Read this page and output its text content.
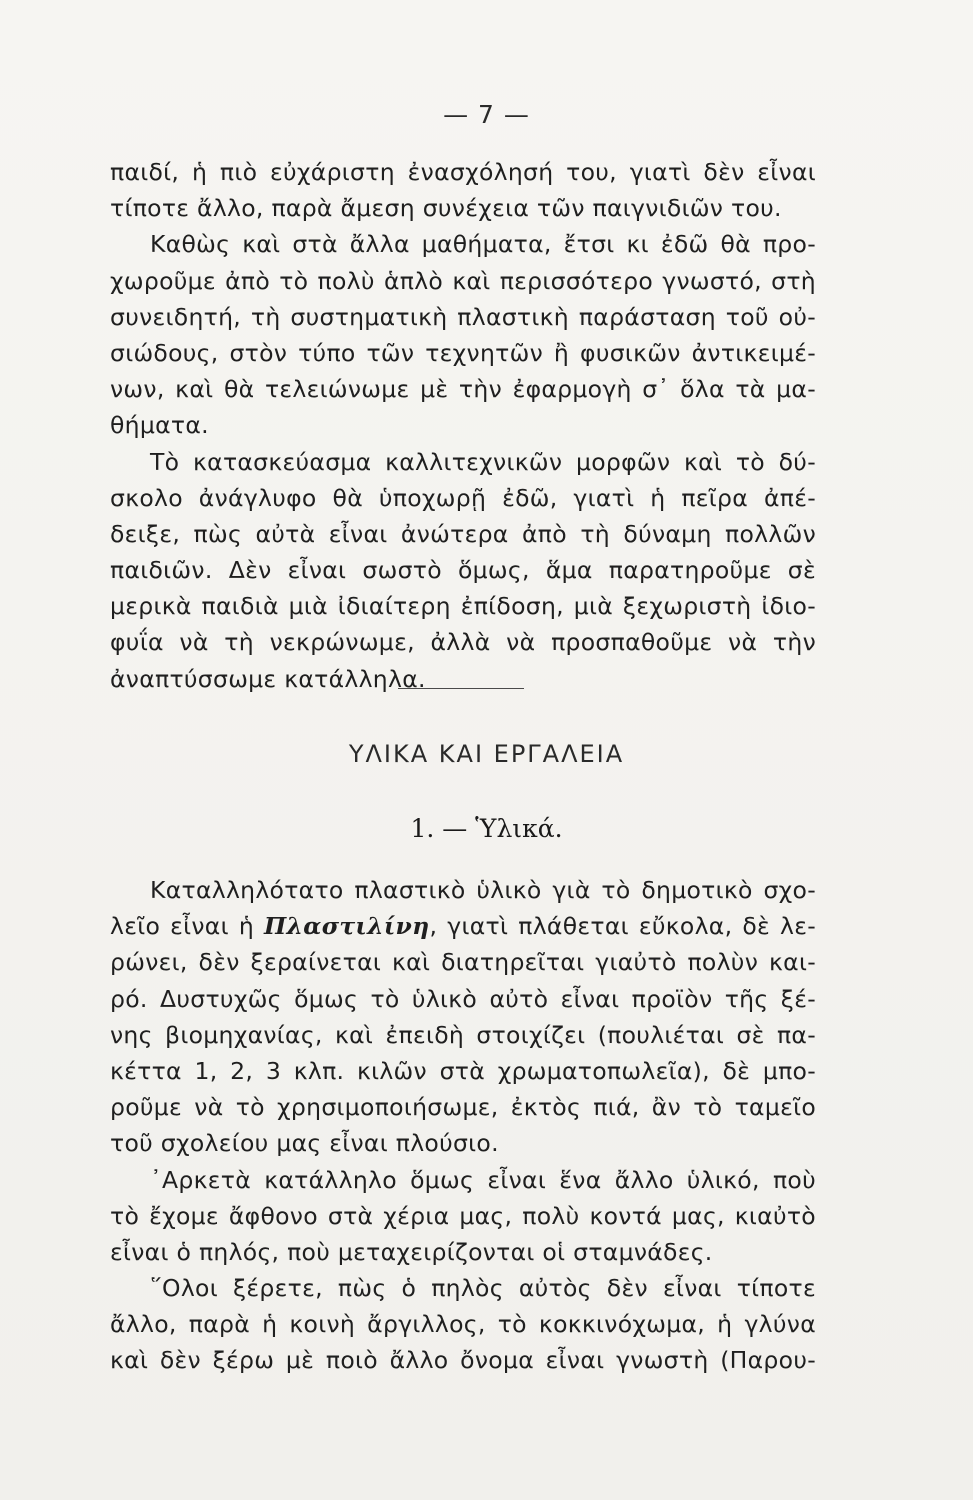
— 7 —
παιδί, ἡ πιὸ εὐχάριστη ἐνασχόλησή του, γιατὶ δὲν εἶναι
τίποτε ἄλλο, παρὰ ἄμεση συνέχεια τῶν παιγνιδιῶν του.
Καθὼς καὶ στὰ ἄλλα μαθήματα, ἔτσι κι ἐδῶ θὰ προ-
χωροῦμε ἀπὸ τὸ πολὺ ἁπλὸ καὶ περισσότερο γνωστό, στὴ
συνειδητή, τὴ συστηματικὴ πλαστικὴ παράσταση τοῦ οὐ-
σιώδους, στὸν τύπο τῶν τεχνητῶν ἢ φυσικῶν ἀντικειμέ-
νων, καὶ θὰ τελειώνωμε μὲ τὴν ἐφαρμογὴ σ᾿ ὅλα τὰ μα-
θήματα.
Τὸ κατασκεύασμα καλλιτεχνικῶν μορφῶν καὶ τὸ δύ-
σκολο ἀνάγλυφο θὰ ὑποχωρῇ ἐδῶ, γιατὶ ἡ πεῖρα ἀπέ-
δειξε, πὼς αὐτὰ εἶναι ἀνώτερα ἀπὸ τὴ δύναμη πολλῶν
παιδιῶν. Δὲν εἶναι σωστὸ ὅμως, ἅμα παρατηροῦμε σὲ
μερικὰ παιδιὰ μιὰ ἰδιαίτερη ἐπίδοση, μιὰ ξεχωριστὴ ἰδιο-
φυΐα νὰ τὴ νεκρώνωμε, ἀλλὰ νὰ προσπαθοῦμε νὰ τὴν
ἀναπτύσσωμε κατάλληλα.
ΥΛΙΚΑ ΚΑΙ ΕΡΓΑΛΕΙΑ
1. — Ὑλικά.
Καταλληλότατο πλαστικὸ ὑλικὸ γιὰ τὸ δημοτικὸ σχο-
λεῖο εἶναι ἡ Πλαστιλίνη, γιατὶ πλάθεται εὔκολα, δὲ λε-
ρώνει, δὲν ξεραίνεται καὶ διατηρεῖται γιαὐτὸ πολὺν και-
ρό. Δυστυχῶς ὅμως τὸ ὑλικὸ αὐτὸ εἶναι προϊὸν τῆς ξέ-
νης βιομηχανίας, καὶ ἐπειδὴ στοιχίζει (πουλιέται σὲ πα-
κέττα 1, 2, 3 κλπ. κιλῶν στὰ χρωματοπωλεῖα), δὲ μπο-
ροῦμε νὰ τὸ χρησιμοποιήσωμε, ἐκτὸς πιά, ἂν τὸ ταμεῖο
τοῦ σχολείου μας εἶναι πλούσιο.
᾿Αρκετὰ κατάλληλο ὅμως εἶναι ἕνα ἄλλο ὑλικό, ποὺ
τὸ ἔχομε ἄφθονο στὰ χέρια μας, πολὺ κοντά μας, κιαὐτὸ
εἶναι ὁ πηλός, ποὺ μεταχειρίζονται οἱ σταμνάδες.
῞Ολοι ξέρετε, πὼς ὁ πηλὸς αὐτὸς δὲν εἶναι τίποτε
ἄλλο, παρὰ ἡ κοινὴ ἄργιλλος, τὸ κοκκινόχωμα, ἡ γλύνα
καὶ δὲν ξέρω μὲ ποιὸ ἄλλο ὄνομα εἶναι γνωστὴ (Παρου-
